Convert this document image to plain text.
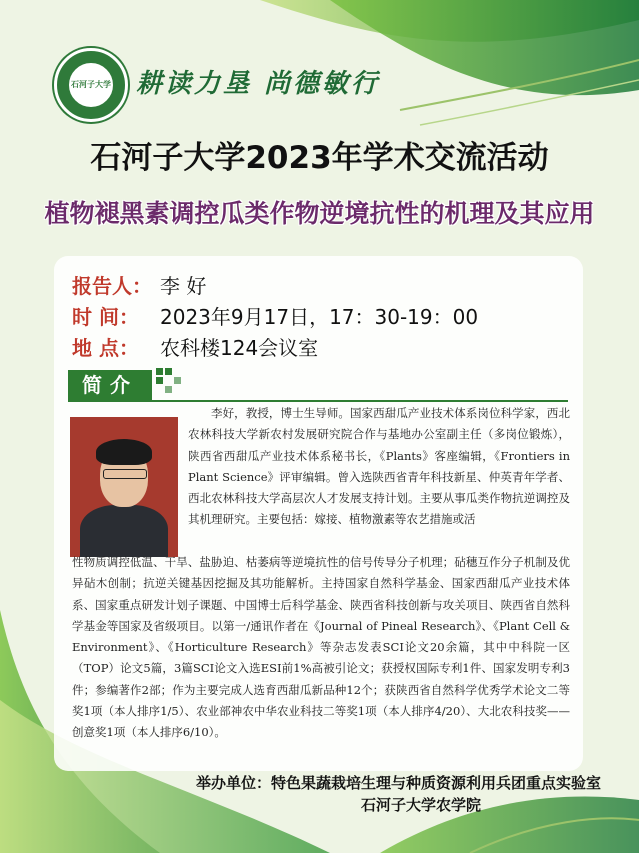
石河子大学 耕读力垦 尚德敏行
石河子大学2023年学术交流活动
植物褪黑素调控瓜类作物逆境抗性的机理及其应用
报告人： 李 好
时 间： 2023年9月17日，17：30-19：00
地 点： 农科楼124会议室
简介
李好，教授，博士生导师。国家西甜瓜产业技术体系岗位科学家，西北农林科技大学新农村发展研究院合作与基地办公室副主任（多岗位锻炼），陕西省西甜瓜产业技术体系秘书长，《Plants》客座编辑，《Frontiers in Plant Science》评审编辑。曾入选陕西省青年科技新星、仲英青年学者、西北农林科技大学高层次人才发展支持计划。主要从事瓜类作物抗逆调控及其机理研究。主要包括：嫁接、植物激素等农艺措施或活
性物质调控低温、干旱、盐胁迫、枯萎病等逆境抗性的信号传导分子机理；砧穗互作分子机制及优异砧木创制；抗逆关键基因挖掘及其功能解析。主持国家自然科学基金、国家西甜瓜产业技术体系、国家重点研发计划子课题、中国博士后科学基金、陕西省科技创新与攻关项目、陕西省自然科学基金等国家及省级项目。以第一/通讯作者在《Journal of Pineal Research》、《Plant Cell & Environment》、《Horticulture Research》等杂志发表SCI论文20余篇，其中中科院一区（TOP）论文5篇，3篇SCI论文入选ESI前1%高被引论文；获授权国际专利1件、国家发明专利3件；参编著作2部；作为主要完成人选育西甜瓜新品种12个；获陕西省自然科学优秀学术论文二等奖1项（本人排序1/5）、农业部神农中华农业科技二等奖1项（本人排序4/20）、大北农科技奖——创意奖1项（本人排序6/10）。
举办单位：特色果蔬栽培生理与种质资源利用兵团重点实验室
石河子大学农学院
